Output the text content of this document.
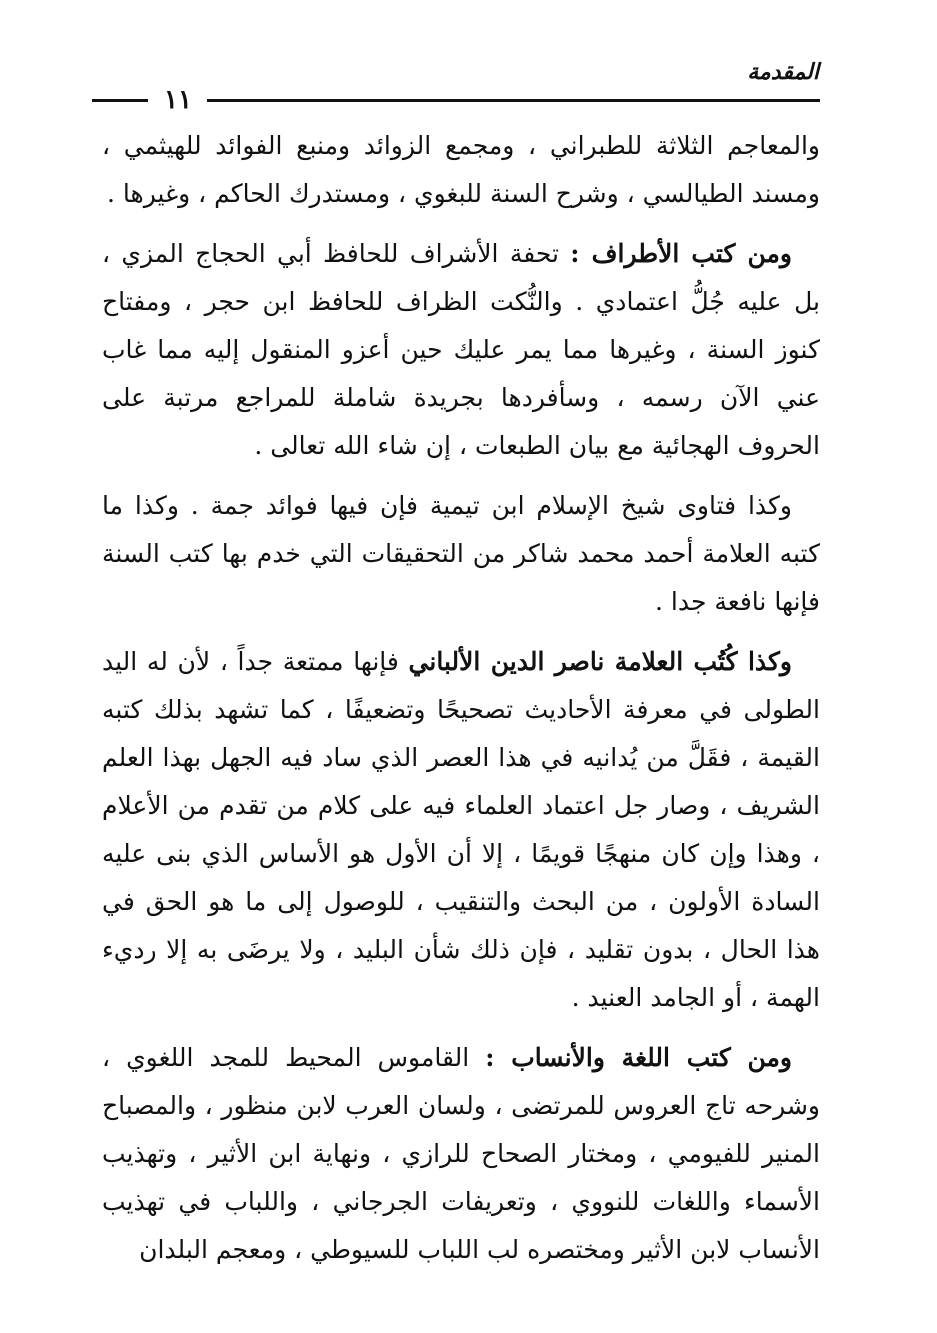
المقدمة
١١

والمعاجم الثلاثة للطبراني ، ومجمع الزوائد ومنبع الفوائد للهيثمي ، ومسند الطيالسي ، وشرح السنة للبغوي ، ومستدرك الحاكم ، وغيرها .

ومن كتب الأطراف : تحفة الأشراف للحافظ أبي الحجاج المزي ، بل عليه جُلُّ اعتمادي . والنُّكت الظراف للحافظ ابن حجر ، ومفتاح كنوز السنة ، وغيرها مما يمر عليك حين أعزو المنقول إليه مما غاب عني الآن رسمه ، وسأفردها بجريدة شاملة للمراجع مرتبة على الحروف الهجائية مع بيان الطبعات ، إن شاء الله تعالى .

وكذا فتاوى شيخ الإسلام ابن تيمية فإن فيها فوائد جمة . وكذا ما كتبه العلامة أحمد محمد شاكر من التحقيقات التي خدم بها كتب السنة فإنها نافعة جدا .

وكذا كُتُب العلامة ناصر الدين الألباني فإنها ممتعة جداً ، لأن له اليد الطولى في معرفة الأحاديث تصحيحًا وتضعيفًا ، كما تشهد بذلك كتبه القيمة ، فقَلَّ من يُدانيه في هذا العصر الذي ساد فيه الجهل بهذا العلم الشريف ، وصار جل اعتماد العلماء فيه على كلام من تقدم من الأعلام ، وهذا وإن كان منهجًا قويمًا ، إلا أن الأول هو الأساس الذي بنى عليه السادة الأولون ، من البحث والتنقيب ، للوصول إلى ما هو الحق في هذا الحال ، بدون تقليد ، فإن ذلك شأن البليد ، ولا يرضَى به إلا رديء الهمة ، أو الجامد العنيد .

ومن كتب اللغة والأنساب : القاموس المحيط للمجد اللغوي ، وشرحه تاج العروس للمرتضى ، ولسان العرب لابن منظور ، والمصباح المنير للفيومي ، ومختار الصحاح للرازي ، ونهاية ابن الأثير ، وتهذيب الأسماء واللغات للنووي ، وتعريفات الجرجاني ، واللباب في تهذيب الأنساب لابن الأثير ومختصره لب اللباب للسيوطي ، ومعجم البلدان
